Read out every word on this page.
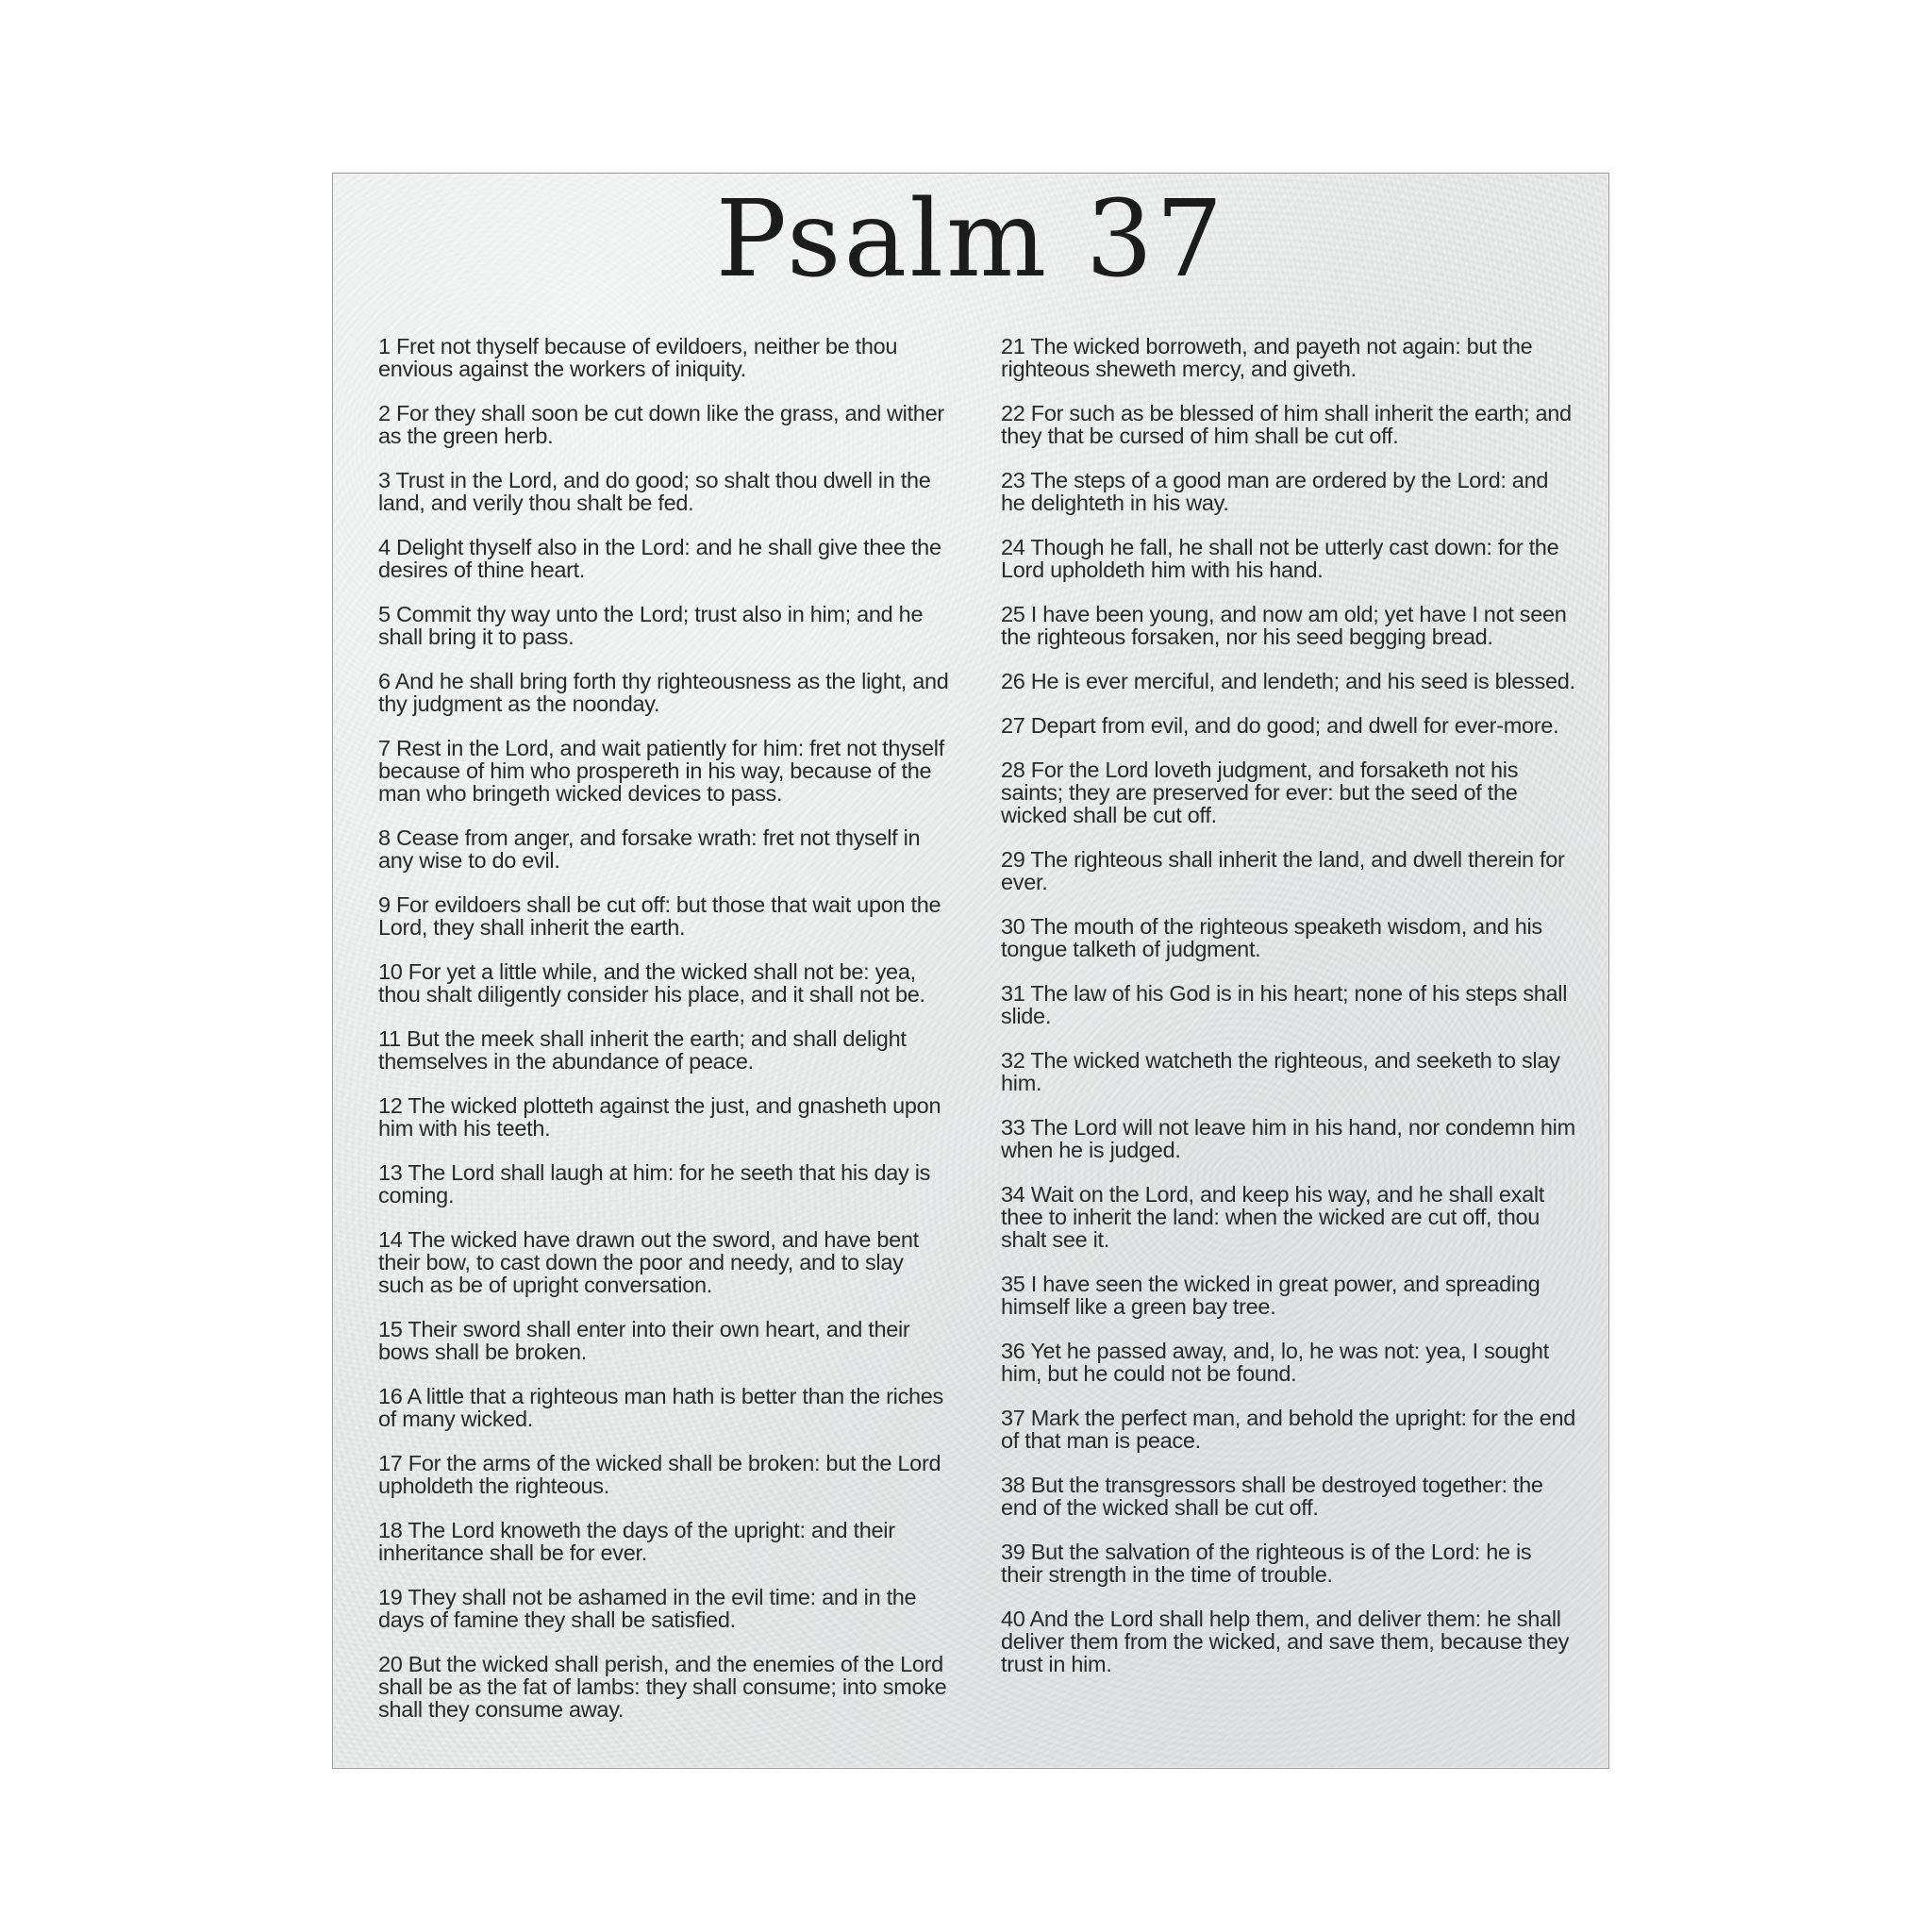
Psalm 37

1 Fret not thyself because of evildoers, neither be thou envious against the workers of iniquity.

2 For they shall soon be cut down like the grass, and wither as the green herb.

3 Trust in the Lord, and do good; so shalt thou dwell in the land, and verily thou shalt be fed.

4 Delight thyself also in the Lord: and he shall give thee the desires of thine heart.

5 Commit thy way unto the Lord; trust also in him; and he shall bring it to pass.

6 And he shall bring forth thy righteousness as the light, and thy judgment as the noonday.

7 Rest in the Lord, and wait patiently for him: fret not thyself because of him who prospereth in his way, because of the man who bringeth wicked devices to pass.

8 Cease from anger, and forsake wrath: fret not thyself in any wise to do evil.

9 For evildoers shall be cut off: but those that wait upon the Lord, they shall inherit the earth.

10 For yet a little while, and the wicked shall not be: yea, thou shalt diligently consider his place, and it shall not be.

11 But the meek shall inherit the earth; and shall delight themselves in the abundance of peace.

12 The wicked plotteth against the just, and gnasheth upon him with his teeth.

13 The Lord shall laugh at him: for he seeth that his day is coming.

14 The wicked have drawn out the sword, and have bent their bow, to cast down the poor and needy, and to slay such as be of upright conversation.

15 Their sword shall enter into their own heart, and their bows shall be broken.

16 A little that a righteous man hath is better than the riches of many wicked.

17 For the arms of the wicked shall be broken: but the Lord upholdeth the righteous.

18 The Lord knoweth the days of the upright: and their inheritance shall be for ever.

19 They shall not be ashamed in the evil time: and in the days of famine they shall be satisfied.

20 But the wicked shall perish, and the enemies of the Lord shall be as the fat of lambs: they shall consume; into smoke shall they consume away.

21 The wicked borroweth, and payeth not again: but the righteous sheweth mercy, and giveth.

22 For such as be blessed of him shall inherit the earth; and they that be cursed of him shall be cut off.

23 The steps of a good man are ordered by the Lord: and he delighteth in his way.

24 Though he fall, he shall not be utterly cast down: for the Lord upholdeth him with his hand.

25 I have been young, and now am old; yet have I not seen the righteous forsaken, nor his seed begging bread.

26 He is ever merciful, and lendeth; and his seed is blessed.

27 Depart from evil, and do good; and dwell for ever-more.

28 For the Lord loveth judgment, and forsaketh not his saints; they are preserved for ever: but the seed of the wicked shall be cut off.

29 The righteous shall inherit the land, and dwell therein for ever.

30 The mouth of the righteous speaketh wisdom, and his tongue talketh of judgment.

31 The law of his God is in his heart; none of his steps shall slide.

32 The wicked watcheth the righteous, and seeketh to slay him.

33 The Lord will not leave him in his hand, nor condemn him when he is judged.

34 Wait on the Lord, and keep his way, and he shall exalt thee to inherit the land: when the wicked are cut off, thou shalt see it.

35 I have seen the wicked in great power, and spreading himself like a green bay tree.

36 Yet he passed away, and, lo, he was not: yea, I sought him, but he could not be found.

37 Mark the perfect man, and behold the upright: for the end of that man is peace.

38 But the transgressors shall be destroyed together: the end of the wicked shall be cut off.

39 But the salvation of the righteous is of the Lord: he is their strength in the time of trouble.

40 And the Lord shall help them, and deliver them: he shall deliver them from the wicked, and save them, because they trust in him.
